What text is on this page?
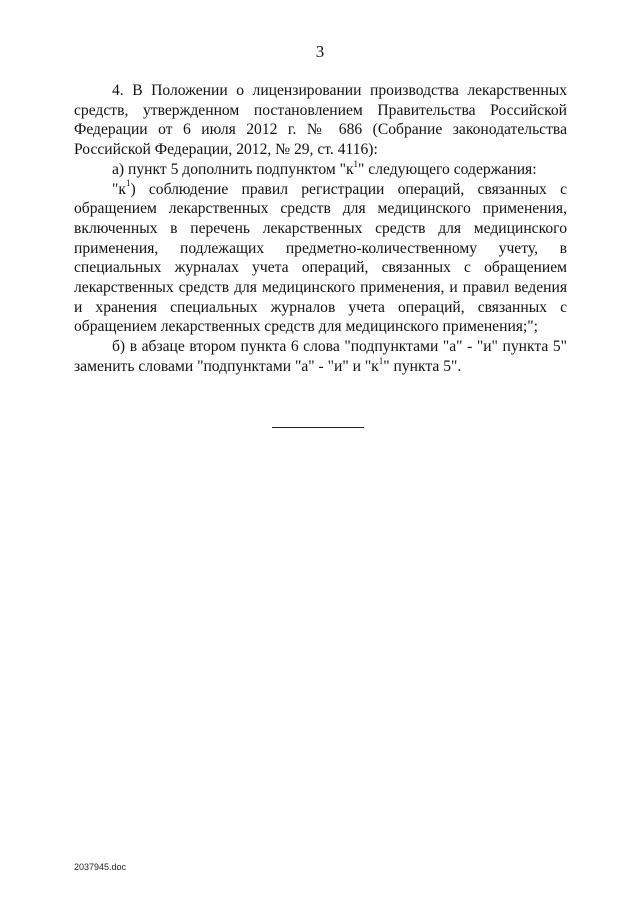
3

4. В Положении о лицензировании производства лекарственных средств, утвержденном постановлением Правительства Российской Федерации от 6 июля 2012 г. № 686 (Собрание законодательства Российской Федерации, 2012, № 29, ст. 4116):

а) пункт 5 дополнить подпунктом "$к^1$" следующего содержания:

"$к^1$) соблюдение правил регистрации операций, связанных с обращением лекарственных средств для медицинского применения, включенных в перечень лекарственных средств для медицинского применения, подлежащих предметно-количественному учету, в специальных журналах учета операций, связанных с обращением лекарственных средств для медицинского применения, и правил ведения и хранения специальных журналов учета операций, связанных с обращением лекарственных средств для медицинского применения;";

б) в абзаце втором пункта 6 слова "подпунктами "а" - "и" пункта 5" заменить словами "подпунктами "а" - "и" и "$к^1$" пункта 5".

2037945.doc
